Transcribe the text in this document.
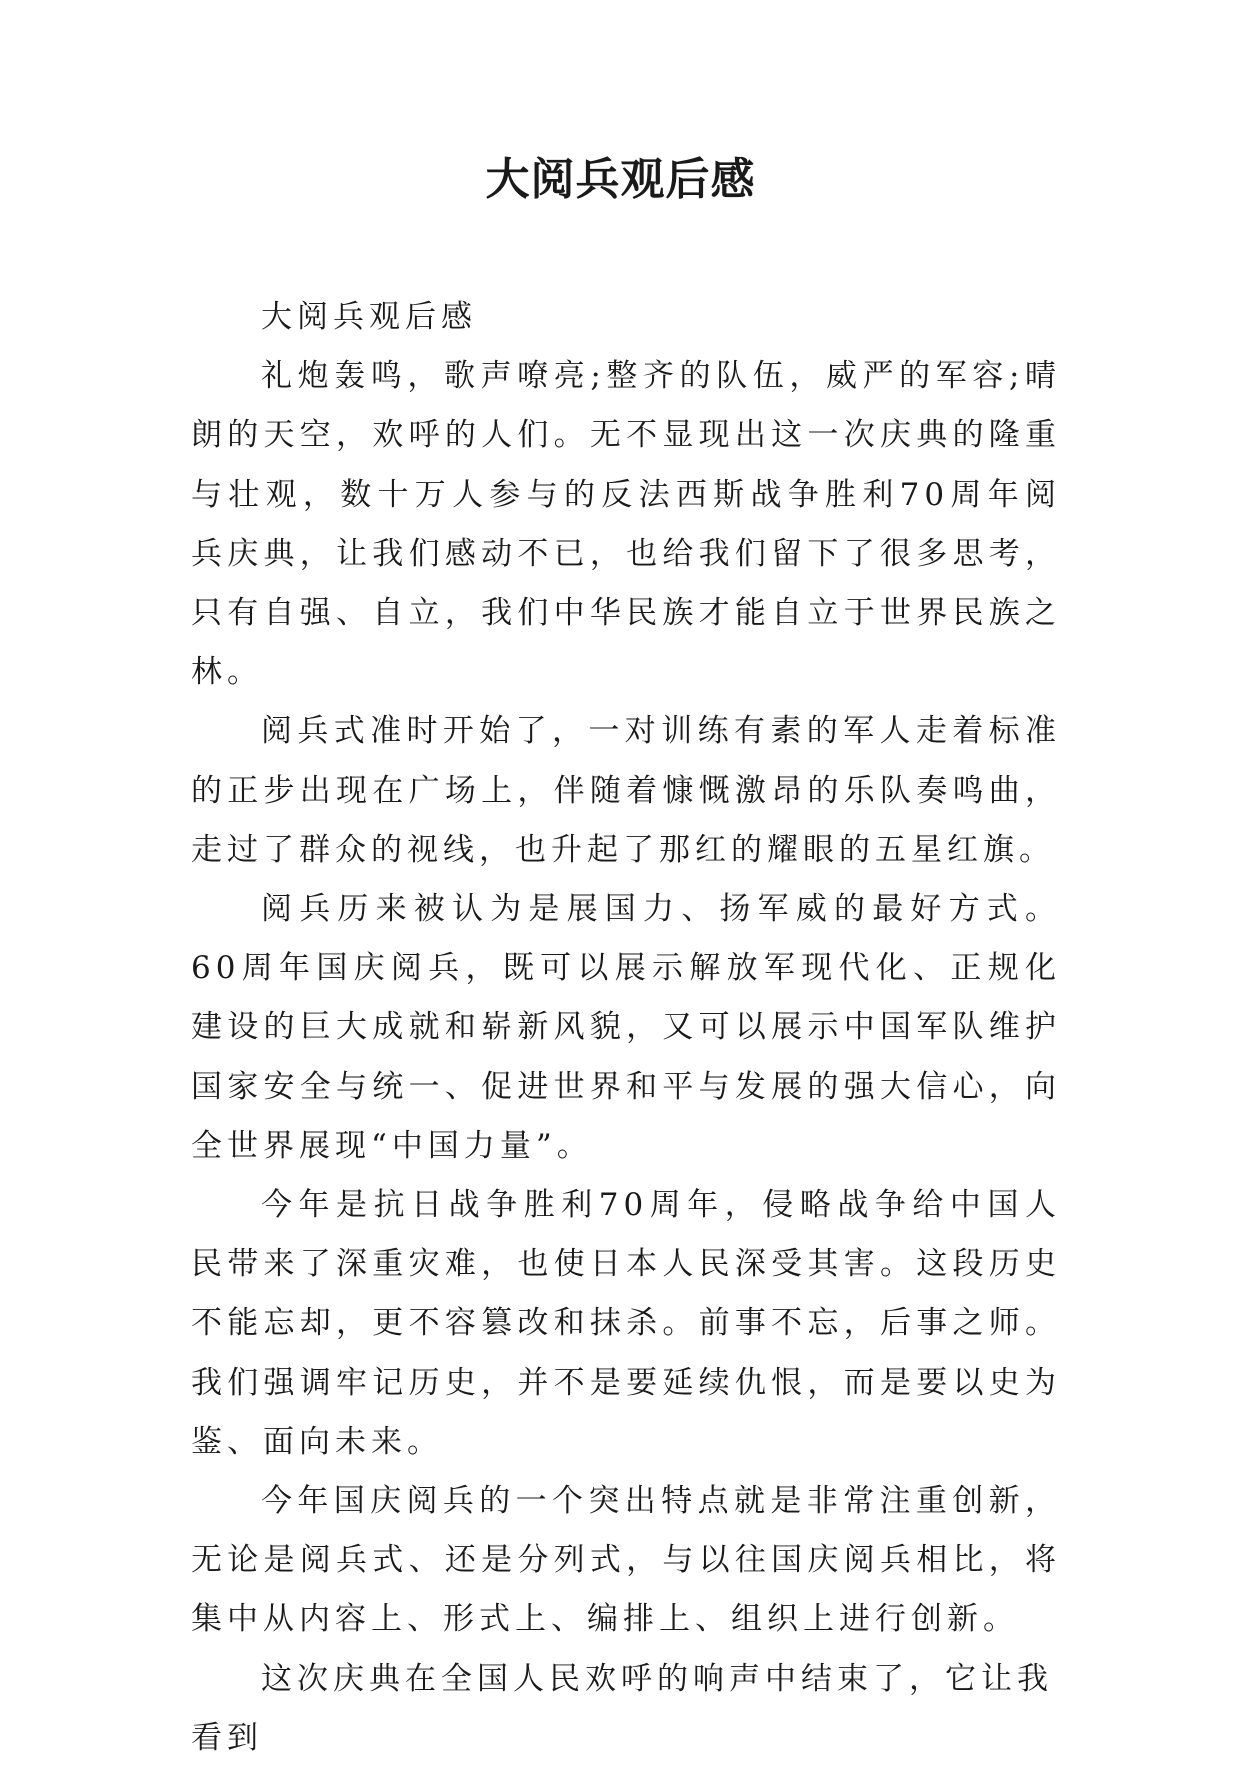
大阅兵观后感

大阅兵观后感

礼炮轰鸣，歌声嘹亮;整齐的队伍，威严的军容;晴朗的天空，欢呼的人们。无不显现出这一次庆典的隆重与壮观，数十万人参与的反法西斯战争胜利70周年阅兵庆典，让我们感动不已，也给我们留下了很多思考，只有自强、自立，我们中华民族才能自立于世界民族之林。

阅兵式准时开始了，一对训练有素的军人走着标准的正步出现在广场上，伴随着慷慨激昂的乐队奏鸣曲，走过了群众的视线，也升起了那红的耀眼的五星红旗。

阅兵历来被认为是展国力、扬军威的最好方式。60周年国庆阅兵，既可以展示解放军现代化、正规化建设的巨大成就和崭新风貌，又可以展示中国军队维护国家安全与统一、促进世界和平与发展的强大信心，向全世界展现“中国力量”。

今年是抗日战争胜利70周年，侵略战争给中国人民带来了深重灾难，也使日本人民深受其害。这段历史不能忘却，更不容篡改和抹杀。前事不忘，后事之师。我们强调牢记历史，并不是要延续仇恨，而是要以史为鉴、面向未来。

今年国庆阅兵的一个突出特点就是非常注重创新，无论是阅兵式、还是分列式，与以往国庆阅兵相比，将集中从内容上、形式上、编排上、组织上进行创新。

这次庆典在全国人民欢呼的响声中结束了，它让我看到
